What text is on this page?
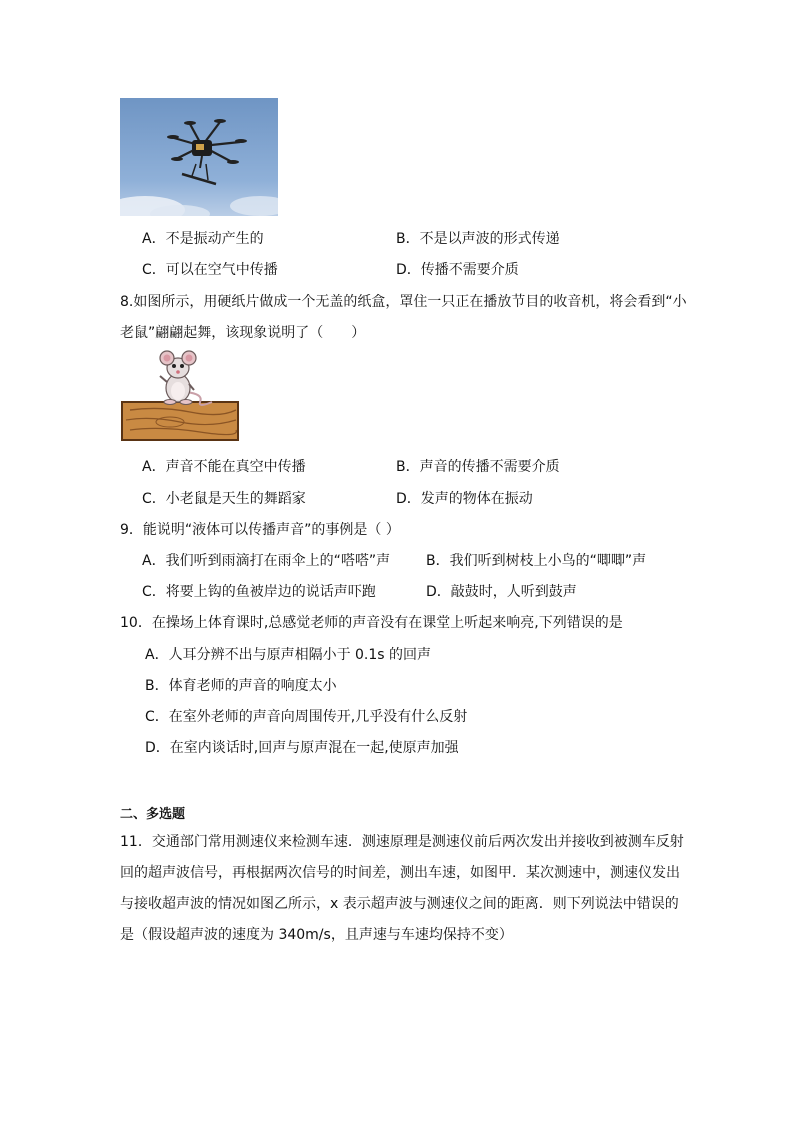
A．不是振动产生的	B．不是以声波的形式传递
C．可以在空气中传播	D．传播不需要介质
8.如图所示，用硬纸片做成一个无盖的纸盒，罩住一只正在播放节目的收音机，将会看到“小
老鼠”翩翩起舞，该现象说明了（　　）
A．声音不能在真空中传播	B．声音的传播不需要介质
C．小老鼠是天生的舞蹈家	D．发声的物体在振动
9．能说明“液体可以传播声音”的事例是（ ）
A．我们听到雨滴打在雨伞上的“嗒嗒”声	B．我们听到树枝上小鸟的“唧唧”声
C．将要上钩的鱼被岸边的说话声吓跑	D．敲鼓时，人听到鼓声
10．在操场上体育课时,总感觉老师的声音没有在课堂上听起来响亮,下列错误的是
A．人耳分辨不出与原声相隔小于 0.1s 的回声
B．体育老师的声音的响度太小
C．在室外老师的声音向周围传开,几乎没有什么反射
D．在室内谈话时,回声与原声混在一起,使原声加强
二、多选题
11．交通部门常用测速仪来检测车速．测速原理是测速仪前后两次发出并接收到被测车反射
回的超声波信号，再根据两次信号的时间差，测出车速，如图甲．某次测速中，测速仪发出
与接收超声波的情况如图乙所示，x 表示超声波与测速仪之间的距离．则下列说法中错误的
是（假设超声波的速度为 340m/s，且声速与车速均保持不变）
